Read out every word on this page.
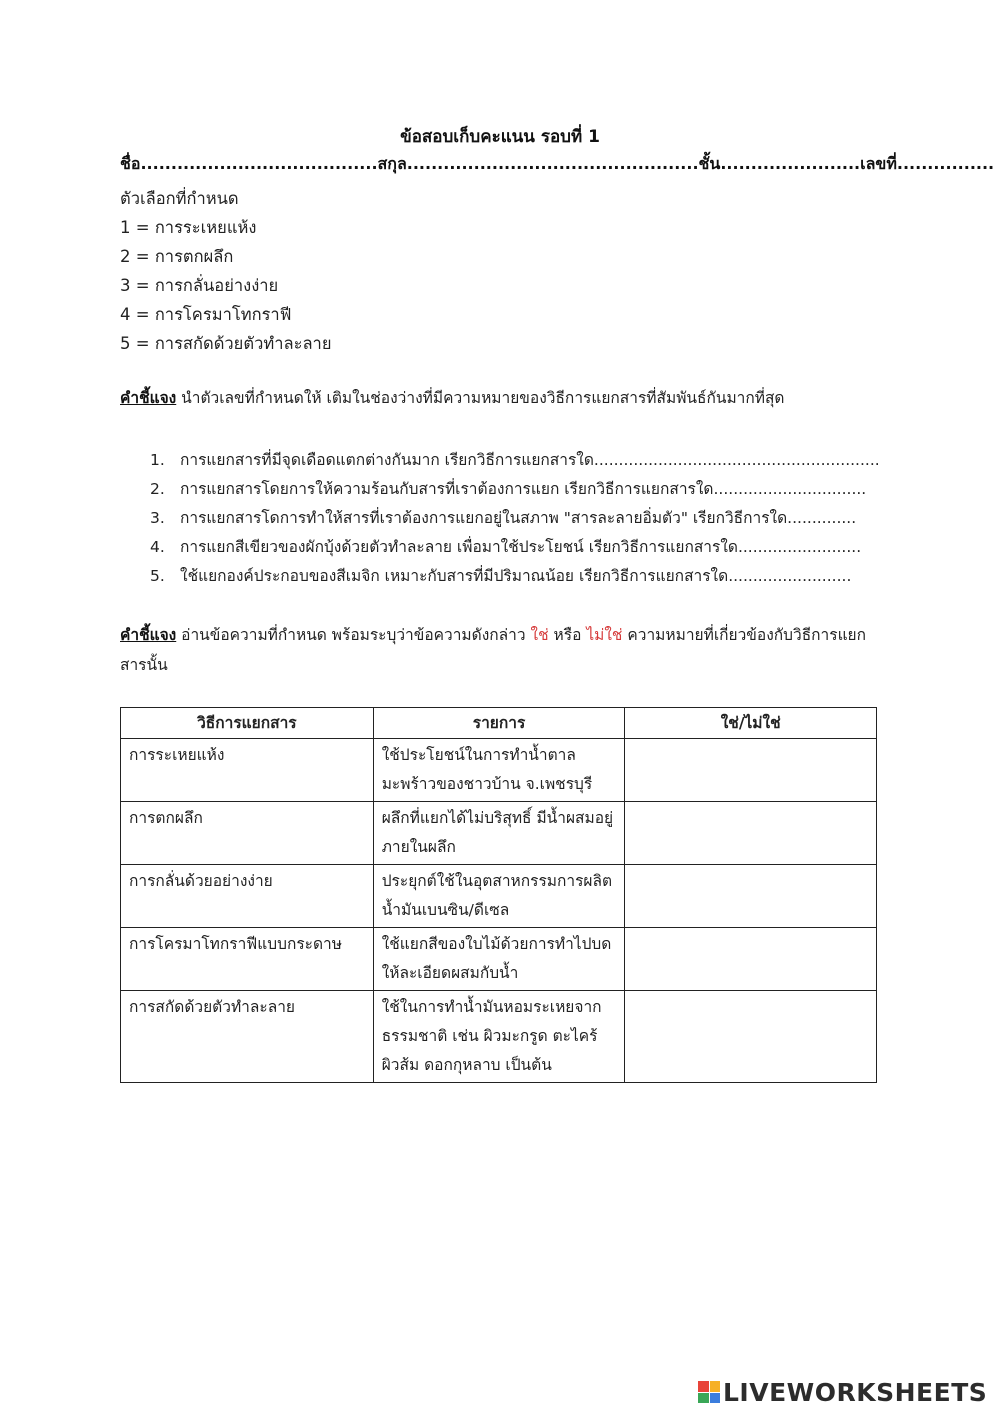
ข้อสอบเก็บคะแนน รอบที่ 1
ชื่อ....................................... สกุล................................................ ชั้น....................... เลขที่................
ตัวเลือกที่กำหนด
1 = การระเหยแห้ง
2 = การตกผลึก
3 = การกลั่นอย่างง่าย
4 = การโครมาโทกราฟี
5 = การสกัดด้วยตัวทำละลาย
คำชี้แจง นำตัวเลขที่กำหนดให้ เติมในช่องว่างที่มีความหมายของวิธีการแยกสารที่สัมพันธ์กันมากที่สุด
1. การแยกสารที่มีจุดเดือดแตกต่างกันมาก เรียกวิธีการแยกสารใด..........................................................
2. การแยกสารโดยการให้ความร้อนกับสารที่เราต้องการแยก เรียกวิธีการแยกสารใด...............................
3. การแยกสารโดการทำให้สารที่เราต้องการแยกอยู่ในสภาพ "สารละลายอิ่มตัว" เรียกวิธีการใด..............
4. การแยกสีเขียวของผักบุ้งด้วยตัวทำละลาย เพื่อมาใช้ประโยชน์ เรียกวิธีการแยกสารใด.........................
5. ใช้แยกองค์ประกอบของสีเมจิก เหมาะกับสารที่มีปริมาณน้อย เรียกวิธีการแยกสารใด.........................
คำชี้แจง อ่านข้อความที่กำหนด พร้อมระบุว่าข้อความดังกล่าว ใช่ หรือ ไม่ใช่ ความหมายที่เกี่ยวข้องกับวิธีการแยกสารนั้น
วิธีการแยกสาร	รายการ	ใช่/ไม่ใช่
การระเหยแห้ง	ใช้ประโยชน์ในการทำน้ำตาลมะพร้าวของชาวบ้าน จ.เพชรบุรี	
การตกผลึก	ผลึกที่แยกได้ไม่บริสุทธิ์ มีน้ำผสมอยู่ภายในผลึก	
การกลั่นด้วยอย่างง่าย	ประยุกต์ใช้ในอุตสาหกรรมการผลิตน้ำมันเบนซิน/ดีเซล	
การโครมาโทกราฟีแบบกระดาษ	ใช้แยกสีของใบไม้ด้วยการทำไปบดให้ละเอียดผสมกับน้ำ	
การสกัดด้วยตัวทำละลาย	ใช้ในการทำน้ำมันหอมระเหยจากธรรมชาติ เช่น ผิวมะกรูด ตะไคร้ ผิวส้ม ดอกกุหลาบ เป็นต้น	
LIVEWORKSHEETS
